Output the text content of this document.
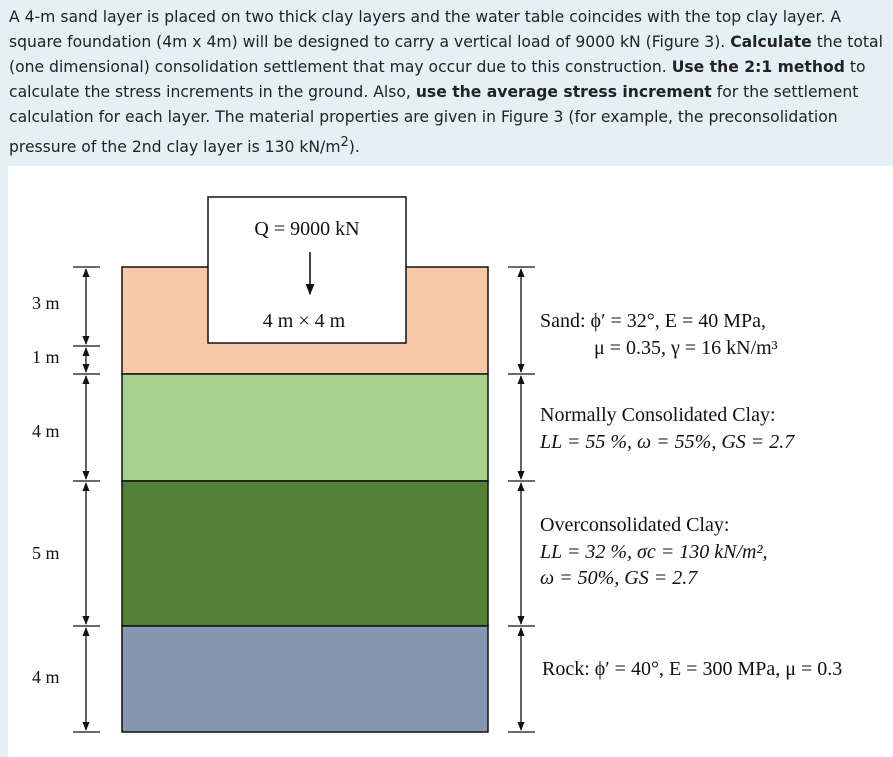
A 4-m sand layer is placed on two thick clay layers and the water table coincides with the top clay layer. A square foundation (4m x 4m) will be designed to carry a vertical load of 9000 kN (Figure 3). Calculate the total (one dimensional) consolidation settlement that may occur due to this construction. Use the 2:1 method to calculate the stress increments in the ground. Also, use the average stress increment for the settlement calculation for each layer. The material properties are given in Figure 3 (for example, the preconsolidation pressure of the 2nd clay layer is 130 $kN/m^2$).
Q = 9000 kN
4 m × 4 m
3 m
1 m
4 m
5 m
4 m
Sand: ϕ′ = 32°, E = 40 MPa,
μ = 0.35, γ = 16 kN/m³
Normally Consolidated Clay:
LL = 55 %, ω = 55%, GS = 2.7
Overconsolidated Clay:
LL = 32 %, σc = 130 kN/m²,
ω = 50%, GS = 2.7
Rock: ϕ′ = 40°, E = 300 MPa, μ = 0.3
